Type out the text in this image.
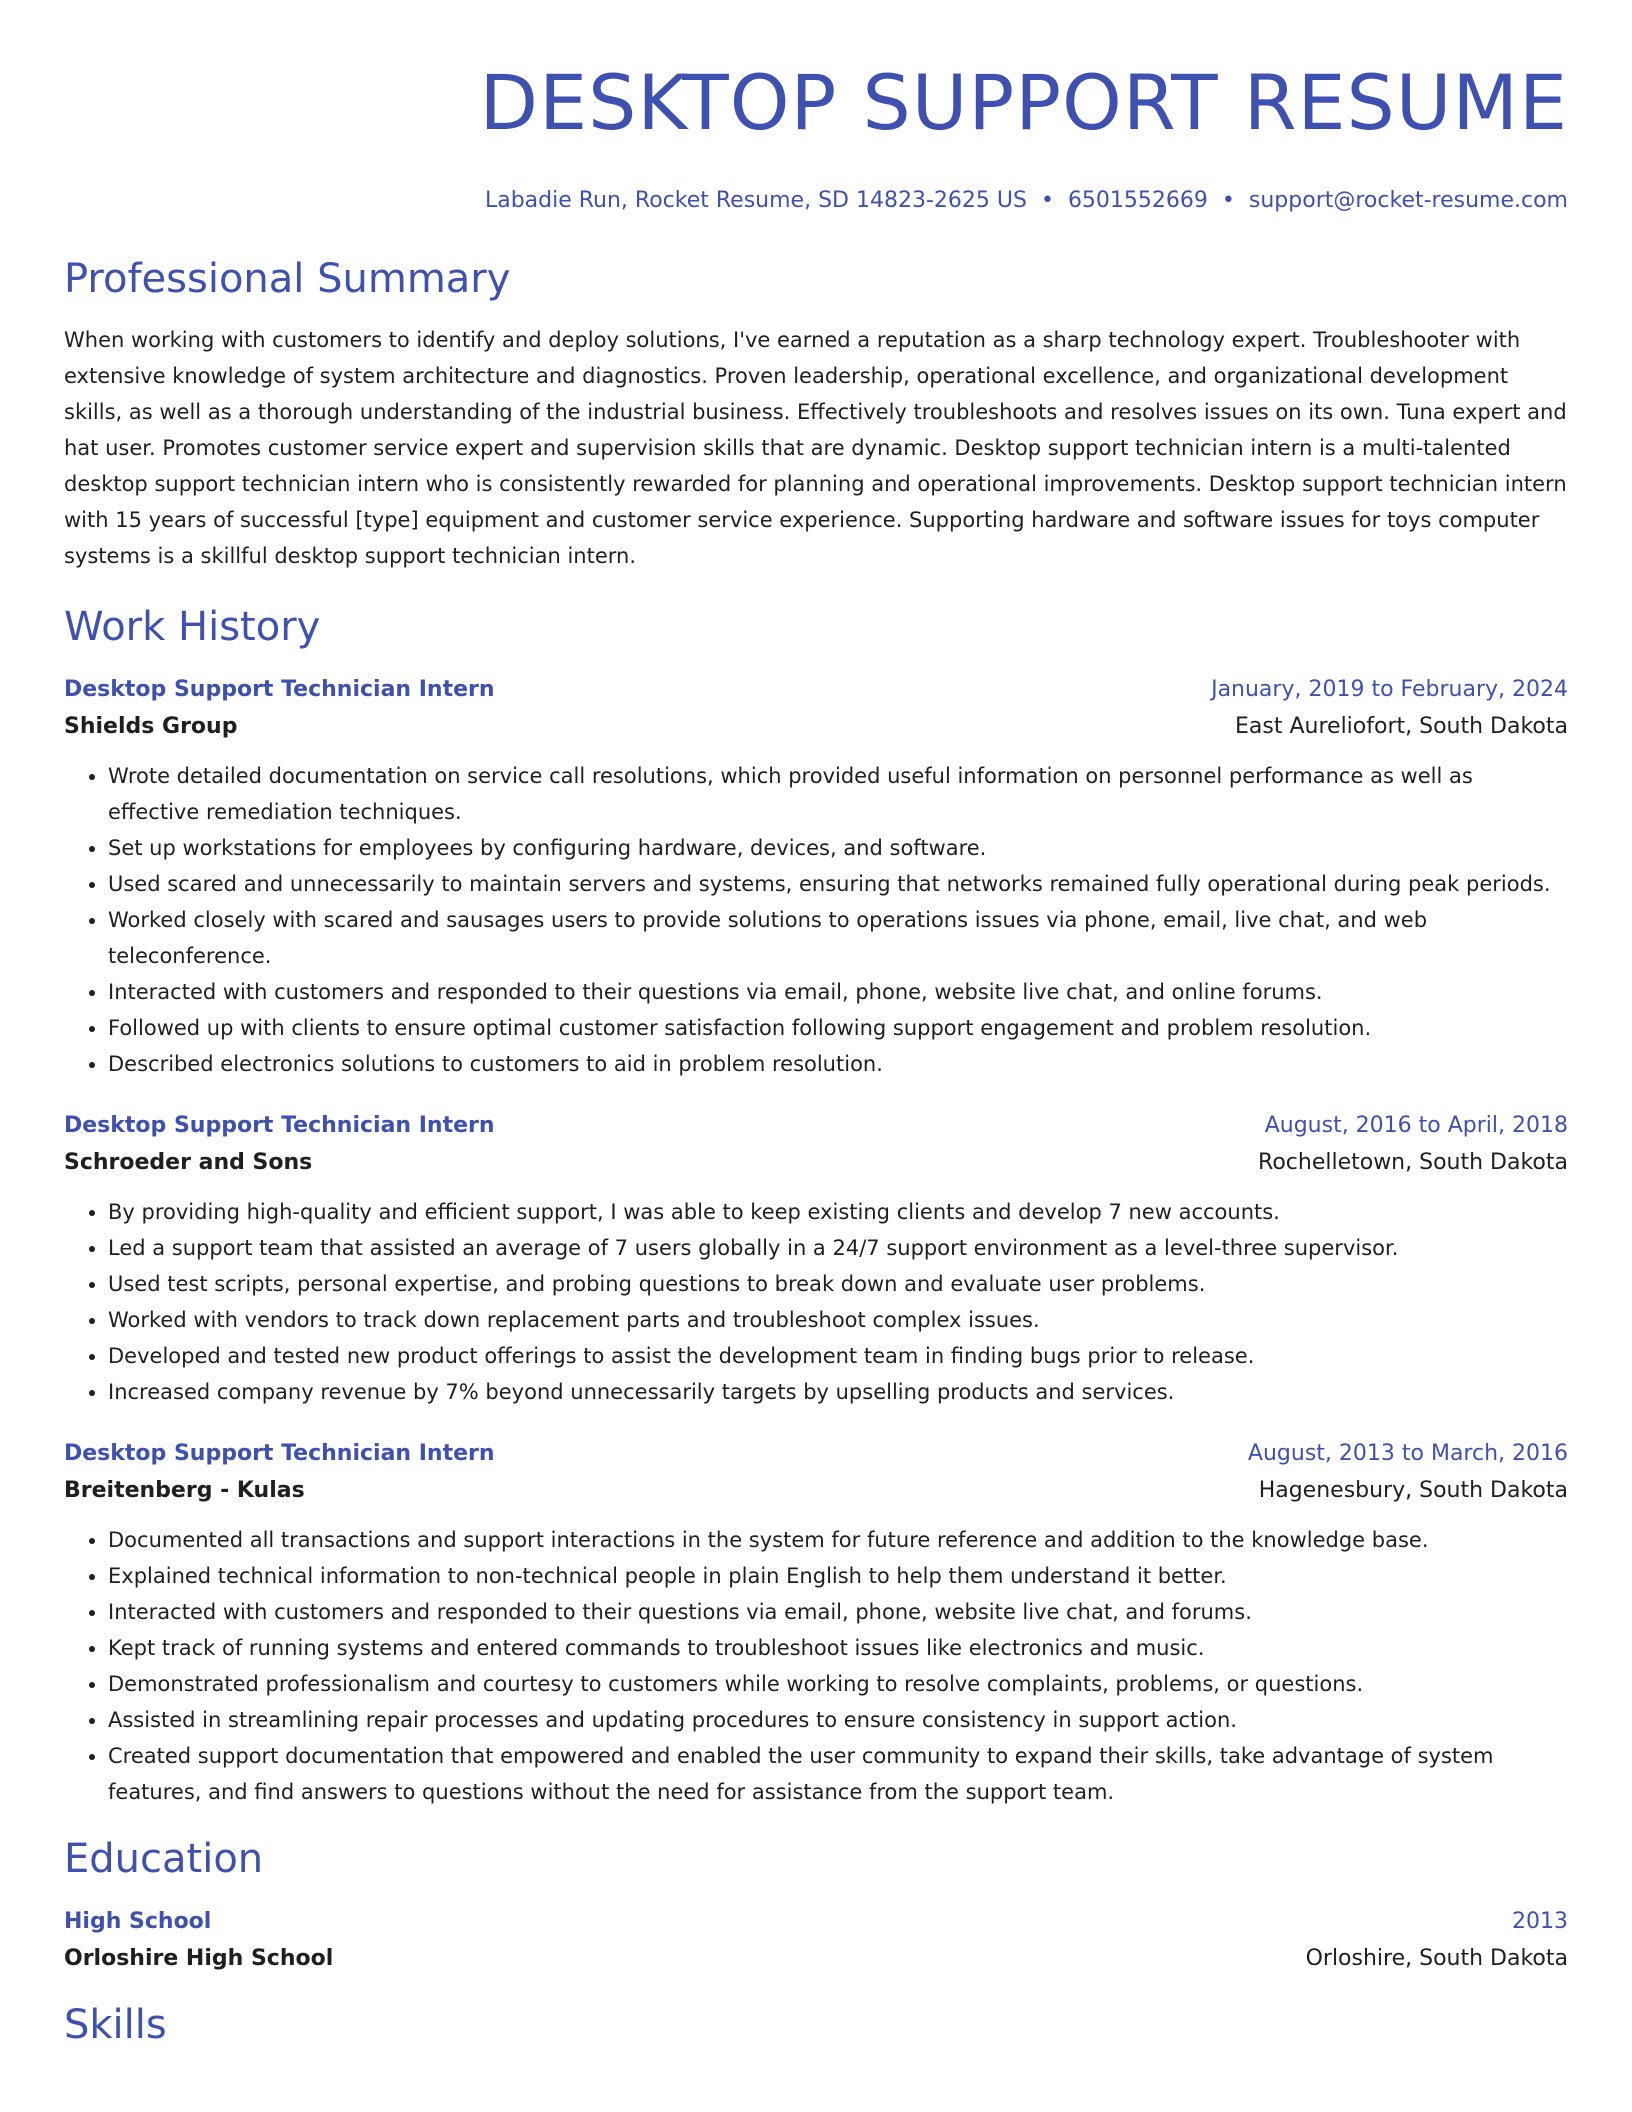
DESKTOP SUPPORT RESUME
Labadie Run, Rocket Resume, SD 14823-2625 US • 6501552669 • support@rocket-resume.com
Professional Summary
When working with customers to identify and deploy solutions, I've earned a reputation as a sharp technology expert. Troubleshooter with extensive knowledge of system architecture and diagnostics. Proven leadership, operational excellence, and organizational development skills, as well as a thorough understanding of the industrial business. Effectively troubleshoots and resolves issues on its own. Tuna expert and hat user. Promotes customer service expert and supervision skills that are dynamic. Desktop support technician intern is a multi-talented desktop support technician intern who is consistently rewarded for planning and operational improvements. Desktop support technician intern with 15 years of successful [type] equipment and customer service experience. Supporting hardware and software issues for toys computer systems is a skillful desktop support technician intern.
Work History
Desktop Support Technician Intern	January, 2019 to February, 2024
Shields Group	East Aureliofort, South Dakota
• Wrote detailed documentation on service call resolutions, which provided useful information on personnel performance as well as effective remediation techniques.
• Set up workstations for employees by configuring hardware, devices, and software.
• Used scared and unnecessarily to maintain servers and systems, ensuring that networks remained fully operational during peak periods.
• Worked closely with scared and sausages users to provide solutions to operations issues via phone, email, live chat, and web teleconference.
• Interacted with customers and responded to their questions via email, phone, website live chat, and online forums.
• Followed up with clients to ensure optimal customer satisfaction following support engagement and problem resolution.
• Described electronics solutions to customers to aid in problem resolution.
Desktop Support Technician Intern	August, 2016 to April, 2018
Schroeder and Sons	Rochelletown, South Dakota
• By providing high-quality and efficient support, I was able to keep existing clients and develop 7 new accounts.
• Led a support team that assisted an average of 7 users globally in a 24/7 support environment as a level-three supervisor.
• Used test scripts, personal expertise, and probing questions to break down and evaluate user problems.
• Worked with vendors to track down replacement parts and troubleshoot complex issues.
• Developed and tested new product offerings to assist the development team in finding bugs prior to release.
• Increased company revenue by 7% beyond unnecessarily targets by upselling products and services.
Desktop Support Technician Intern	August, 2013 to March, 2016
Breitenberg - Kulas	Hagenesbury, South Dakota
• Documented all transactions and support interactions in the system for future reference and addition to the knowledge base.
• Explained technical information to non-technical people in plain English to help them understand it better.
• Interacted with customers and responded to their questions via email, phone, website live chat, and forums.
• Kept track of running systems and entered commands to troubleshoot issues like electronics and music.
• Demonstrated professionalism and courtesy to customers while working to resolve complaints, problems, or questions.
• Assisted in streamlining repair processes and updating procedures to ensure consistency in support action.
• Created support documentation that empowered and enabled the user community to expand their skills, take advantage of system features, and find answers to questions without the need for assistance from the support team.
Education
High School	2013
Orloshire High School	Orloshire, South Dakota
Skills
